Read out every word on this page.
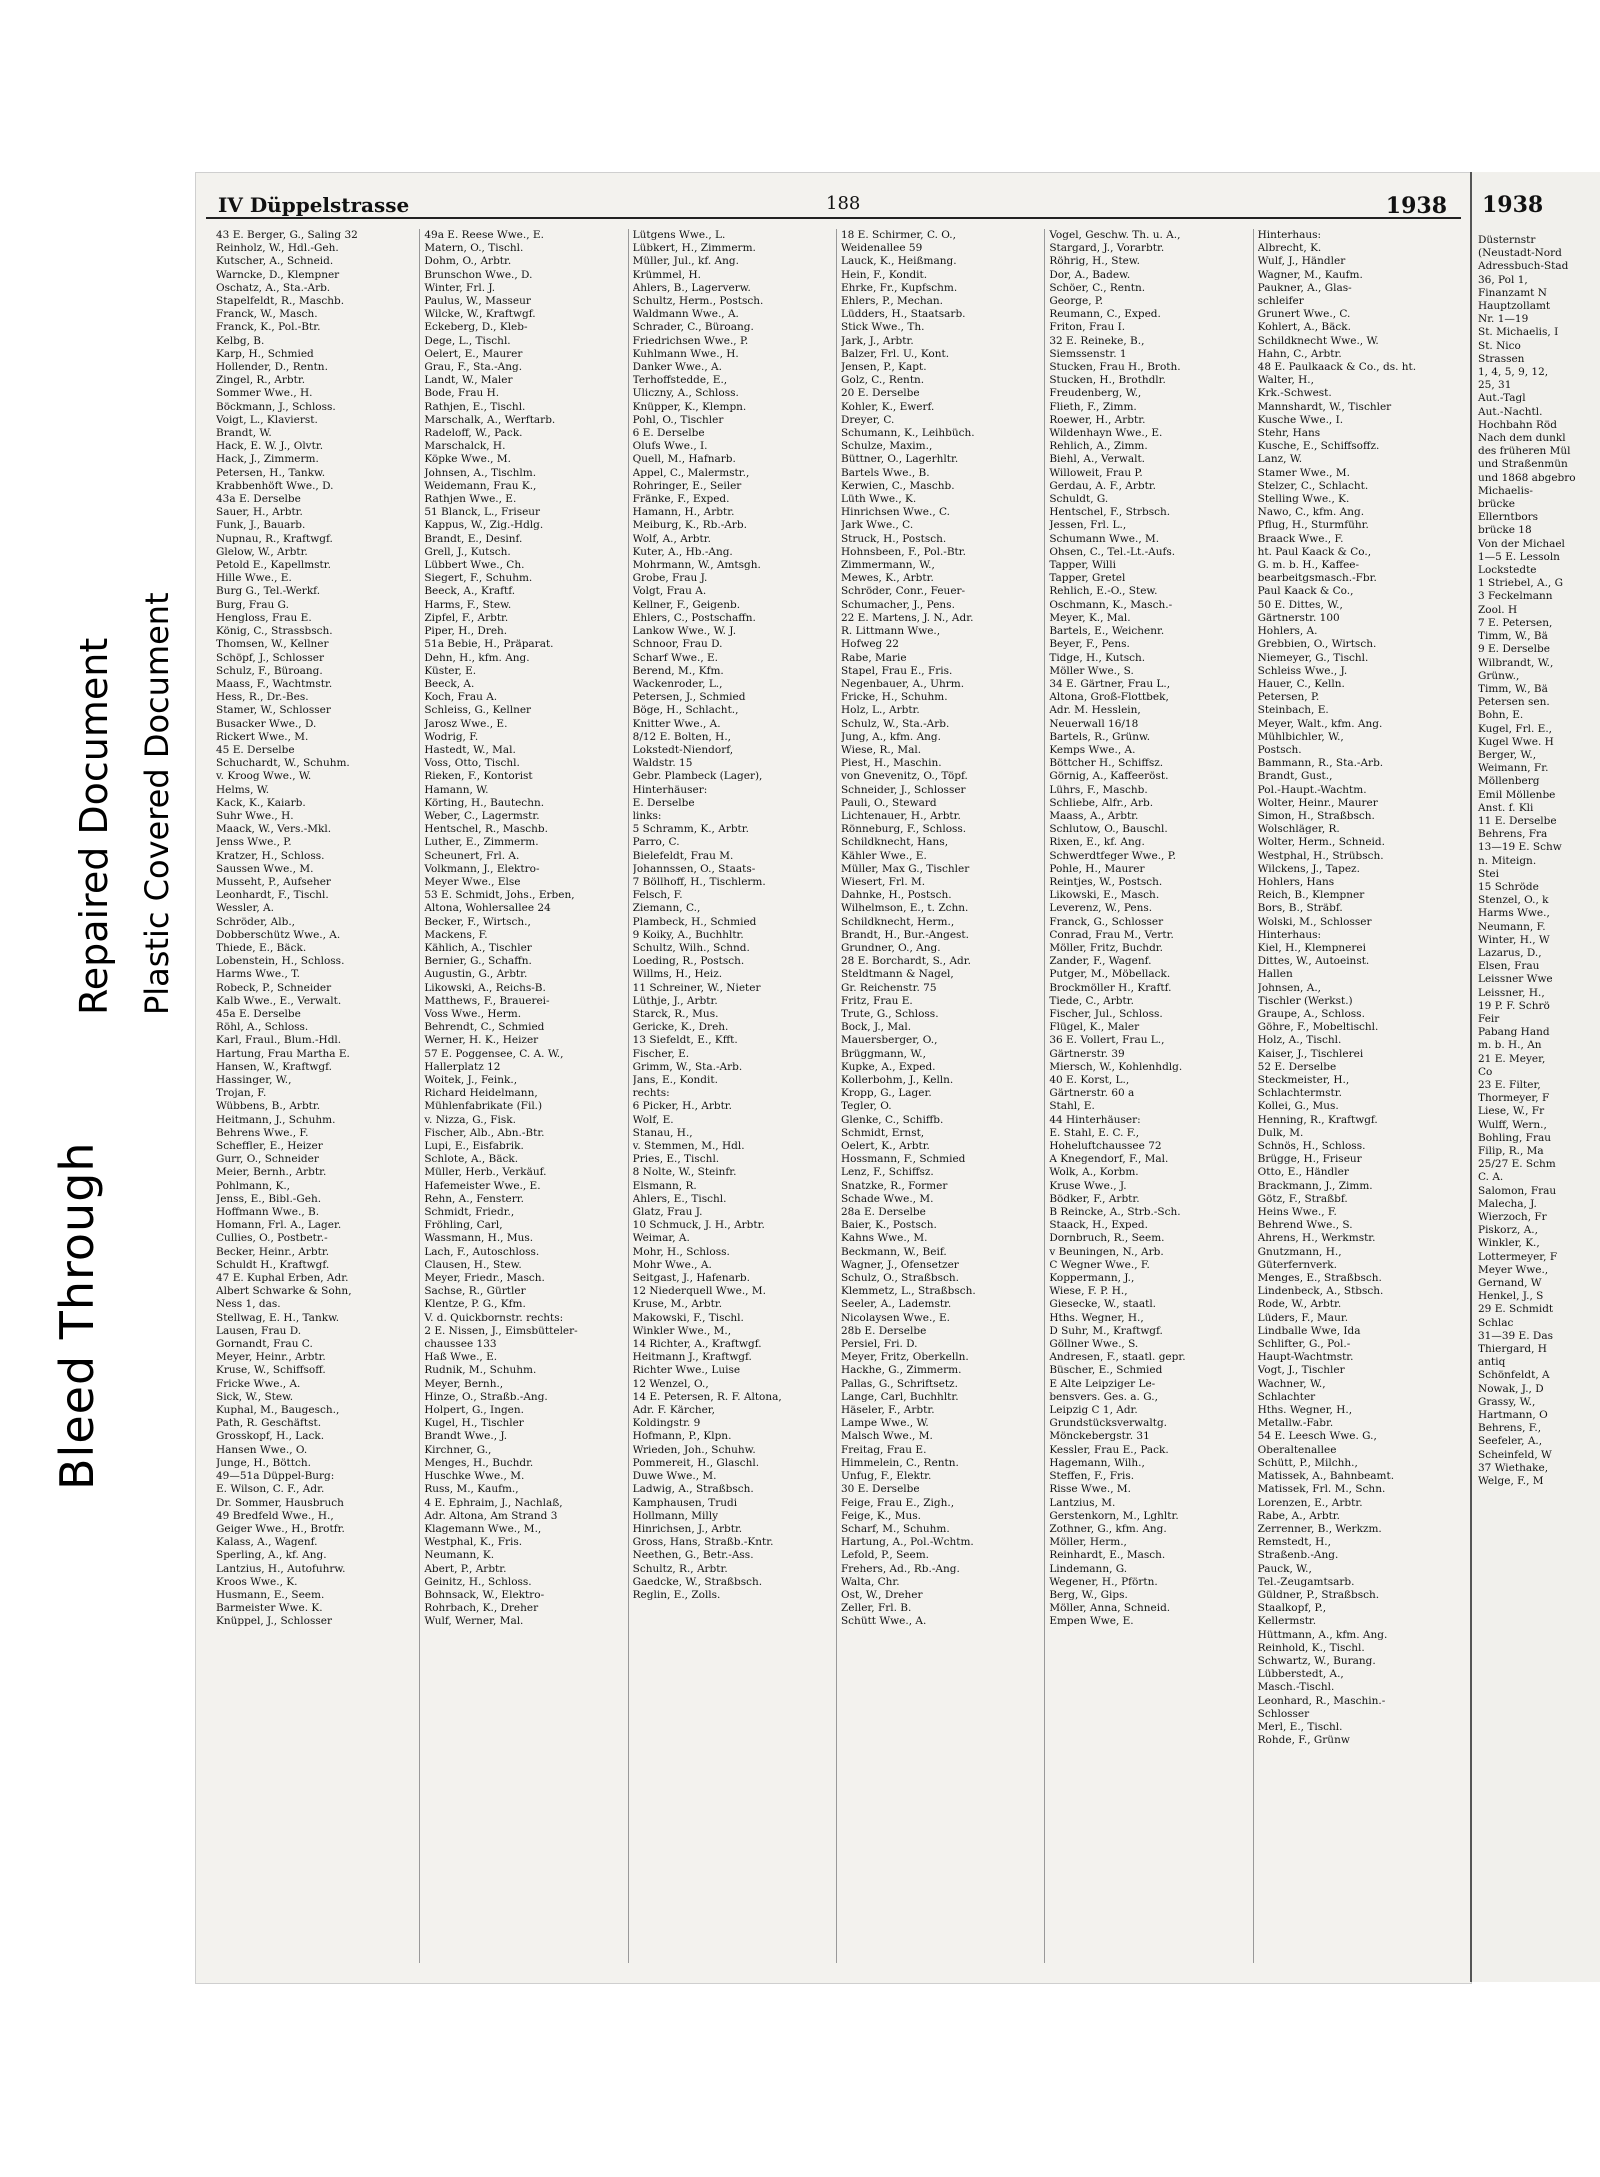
Bleed Through
Repaired Document Plastic Covered Document
IV Düppelstrasse	188	1938
43 E. Berger, G., Saling 32
Reinholz, W., Hdl.-Geh.
Kutscher, A., Schneid.
Warncke, D., Klempner
Oschatz, A., Sta.-Arb.
Stapelfeldt, R., Maschb.
Franck, W., Masch.
Franck, K., Pol.-Btr.
Kelbg, B.
Karp, H., Schmied
Hollender, D., Rentn.
Zingel, R., Arbtr.
Sommer Wwe., H.
Böckmann, J., Schloss.
Voigt, L., Klavierst.
Brandt, W.
Hack, E. W. J., Olvtr.
Hack, J., Zimmerm.
Petersen, H., Tankw.
Krabbenhöft Wwe., D.
43a E. Derselbe
Sauer, H., Arbtr.
Funk, J., Bauarb.
Nupnau, R., Kraftwgf.
Glelow, W., Arbtr.
Petold E., Kapellmstr.
Hille Wwe., E.
Burg G., Tel.-Werkf.
Burg, Frau G.
Hengloss, Frau E.
König, C., Strassbsch.
Thomsen, W., Kellner
Schöpf, J., Schlosser
Schulz, F., Büroang.
Maass, F., Wachtmstr.
Hess, R., Dr.-Bes.
Stamer, W., Schlosser
Busacker Wwe., D.
Rickert Wwe., M.
45 E. Derselbe
Schuchardt, W., Schuhm.
v. Kroog Wwe., W.
Helms, W.
Kack, K., Kaiarb.
Suhr Wwe., H.
Maack, W., Vers.-Mkl.
Jenss Wwe., P.
Kratzer, H., Schloss.
Saussen Wwe., M.
Musseht, P., Aufseher
Leonhardt, F., Tischl.
Wessler, A.
Schröder, Alb.,
Dobberschütz Wwe., A.
Thiede, E., Bäck.
Lobenstein, H., Schloss.
Harms Wwe., T.
Robeck, P., Schneider
Kalb Wwe., E., Verwalt.
45a E. Derselbe
Röhl, A., Schloss.
Karl, Fraul., Blum.-Hdl.
Hartung, Frau Martha E.
Hansen, W., Kraftwgf.
Hassinger, W.,
Trojan, F.
Wübbens, B., Arbtr.
Heitmann, J., Schuhm.
Behrens Wwe., F.
Scheffler, E., Heizer
Gurr, O., Schneider
Meier, Bernh., Arbtr.
Pohlmann, K.,
Jenss, E., Bibl.-Geh.
Hoffmann Wwe., B.
Homann, Frl. A., Lager.
Cullies, O., Postbetr.-
Becker, Heinr., Arbtr.
Schuldt H., Kraftwgf.
47 E. Kuphal Erben, Adr.
Albert Schwarke & Sohn,
Ness 1, das.
Stellwag, E. H., Tankw.
Lausen, Frau D.
Gornandt, Frau C.
Meyer, Heinr., Arbtr.
Kruse, W., Schiffsoff.
Fricke Wwe., A.
Sick, W., Stew.
Kuphal, M., Baugesch.,
Path, R. Geschäftst.
Grosskopf, H., Lack.
Hansen Wwe., O.
Junge, H., Böttch.
49—51a Düppel-Burg:
E. Wilson, C. F., Adr.
Dr. Sommer, Hausbruch
49 Bredfeld Wwe., H.,
Geiger Wwe., H., Brotfr.
Kalass, A., Wagenf.
Sperling, A., kf. Ang.
Lantzius, H., Autofuhrw.
Kroos Wwe., K.
Husmann, E., Seem.
Barmeister Wwe. K.
Knüppel, J., Schlosser
49a E. Reese Wwe., E.
Matern, O., Tischl.
Dohm, O., Arbtr.
Brunschon Wwe., D.
Winter, Frl. J.
Paulus, W., Masseur
Wilcke, W., Kraftwgf.
Eckeberg, D., Kleb-
Dege, L., Tischl.
Oelert, E., Maurer
Grau, F., Sta.-Ang.
Landt, W., Maler
Bode, Frau H.
Rathjen, E., Tischl.
Marschalk, A., Werftarb.
Radeloff, W., Pack.
Marschalck, H.
Köpke Wwe., M.
Johnsen, A., Tischlm.
Weidemann, Frau K.,
Rathjen Wwe., E.
51 Blanck, L., Friseur
Kappus, W., Zig.-Hdlg.
Brandt, E., Desinf.
Grell, J., Kutsch.
Lübbert Wwe., Ch.
Siegert, F., Schuhm.
Beeck, A., Kraftf.
Harms, F., Stew.
Zipfel, F., Arbtr.
Piper, H., Dreh.
51a Bebie, H., Präparat.
Dehn, H., kfm. Ang.
Küster, E.
Beeck, A.
Koch, Frau A.
Schleiss, G., Kellner
Jarosz Wwe., E.
Wodrig, F.
Hastedt, W., Mal.
Voss, Otto, Tischl.
Rieken, F., Kontorist
Hamann, W.
Körting, H., Bautechn.
Weber, C., Lagermstr.
Hentschel, R., Maschb.
Luther, E., Zimmerm.
Scheunert, Frl. A.
Volkmann, J., Elektro-
Meyer Wwe., Else
53 E. Schmidt, Johs., Erben,
Altona, Wohlersallee 24
Becker, F., Wirtsch.,
Mackens, F.
Kählich, A., Tischler
Bernier, G., Schaffn.
Augustin, G., Arbtr.
Likowski, A., Reichs-B.
Matthews, F., Brauerei-
Voss Wwe., Herm.
Behrendt, C., Schmied
Werner, H. K., Heizer
57 E. Poggensee, C. A. W.,
Hallerplatz 12
Woitek, J., Feink.,
Richard Heidelmann,
Mühlenfabrikate (Fil.)
v. Nizza, G., Fisk.
Fischer, Alb., Abn.-Btr.
Lupi, E., Eisfabrik.
Schlote, A., Bäck.
Müller, Herb., Verkäuf.
Hafemeister Wwe., E.
Rehn, A., Fensterr.
Schmidt, Friedr.,
Fröhling, Carl,
Wassmann, H., Mus.
Lach, F., Autoschloss.
Clausen, H., Stew.
Meyer, Friedr., Masch.
Sachse, R., Gürtler
Klentze, P. G., Kfm.
V. d. Quickbornstr. rechts:
2 E. Nissen, J., Eimsbütteler-
chaussee 133
Haß Wwe., E.
Rudnik, M., Schuhm.
Meyer, Bernh.,
Hinze, O., Straßb.-Ang.
Holpert, G., Ingen.
Kugel, H., Tischler
Brandt Wwe., J.
Kirchner, G.,
Menges, H., Buchdr.
Huschke Wwe., M.
Russ, M., Kaufm.,
4 E. Ephraim, J., Nachlaß,
Adr. Altona, Am Strand 3
Klagemann Wwe., M.,
Westphal, K., Fris.
Neumann, K.
Abert, P., Arbtr.
Geinitz, H., Schloss.
Bohnsack, W., Elektro-
Rohrbach, K., Dreher
Wulf, Werner, Mal.
Lütgens Wwe., L.
Lübkert, H., Zimmerm.
Müller, Jul., kf. Ang.
Krümmel, H.
Ahlers, B., Lagerverw.
Schultz, Herm., Postsch.
Waldmann Wwe., A.
Schrader, C., Büroang.
Friedrichsen Wwe., P.
Kuhlmann Wwe., H.
Danker Wwe., A.
Terhoffstedde, E.,
Uliczny, A., Schloss.
Knüpper, K., Klempn.
Pohl, O., Tischler
6 E. Derselbe
Olufs Wwe., I.
Quell, M., Hafnarb.
Appel, C., Malermstr.,
Rohringer, E., Seiler
Fränke, F., Exped.
Hamann, H., Arbtr.
Meiburg, K., Rb.-Arb.
Wolf, A., Arbtr.
Kuter, A., Hb.-Ang.
Mohrmann, W., Amtsgh.
Grobe, Frau J.
Volgt, Frau A.
Kellner, F., Geigenb.
Ehlers, C., Postschaffn.
Lankow Wwe., W. J.
Schnoor, Frau D.
Scharf Wwe., E.
Berend, M., Kfm.
Wackenroder, L.,
Petersen, J., Schmied
Böge, H., Schlacht.,
Knitter Wwe., A.
8/12 E. Bolten, H.,
Lokstedt-Niendorf,
Waldstr. 15
Gebr. Plambeck (Lager),
Hinterhäuser:
E. Derselbe
links:
5 Schramm, K., Arbtr.
Parro, C.
Bielefeldt, Frau M.
Johannssen, O., Staats-
7 Böllhoff, H., Tischlerm.
Felsch, F.
Ziemann, C.,
Plambeck, H., Schmied
9 Koiky, A., Buchhltr.
Schultz, Wilh., Schnd.
Loeding, R., Postsch.
Willms, H., Heiz.
11 Schreiner, W., Nieter
Lüthje, J., Arbtr.
Starck, R., Mus.
Gericke, K., Dreh.
13 Siefeldt, E., Kfft.
Fischer, E.
Grimm, W., Sta.-Arb.
Jans, E., Kondit.
rechts:
6 Picker, H., Arbtr.
Wolf, E.
Stanau, H.,
v. Stemmen, M., Hdl.
Pries, E., Tischl.
8 Nolte, W., Steinfr.
Elsmann, R.
Ahlers, E., Tischl.
Glatz, Frau J.
10 Schmuck, J. H., Arbtr.
Weimar, A.
Mohr, H., Schloss.
Mohr Wwe., A.
Seitgast, J., Hafenarb.
12 Niederquell Wwe., M.
Kruse, M., Arbtr.
Makowski, F., Tischl.
Winkler Wwe., M.,
14 Richter, A., Kraftwgf.
Heitmann J., Kraftwgf.
Richter Wwe., Luise
12 Wenzel, O.,
14 E. Petersen, R. F. Altona,
Adr. F. Kärcher,
Koldingstr. 9
Hofmann, P., Klpn.
Wrieden, Joh., Schuhw.
Pommereit, H., Glaschl.
Duwe Wwe., M.
Ladwig, A., Straßbsch.
Kamphausen, Trudi
Hollmann, Milly
Hinrichsen, J., Arbtr.
Gross, Hans, Straßb.-Kntr.
Neethen, G., Betr.-Ass.
Schultz, R., Arbtr.
Gaedcke, W., Straßbsch.
Reglin, E., Zolls.
18 E. Schirmer, C. O.,
Weidenallee 59
Lauck, K., Heißmang.
Hein, F., Kondit.
Ehrke, Fr., Kupfschm.
Ehlers, P., Mechan.
Lüdders, H., Staatsarb.
Stick Wwe., Th.
Jark, J., Arbtr.
Balzer, Frl. U., Kont.
Jensen, P., Kapt.
Golz, C., Rentn.
20 E. Derselbe
Kohler, K., Ewerf.
Dreyer, C.
Schumann, K., Leihbüch.
Schulze, Maxim.,
Büttner, O., Lagerhltr.
Bartels Wwe., B.
Kerwien, C., Maschb.
Lüth Wwe., K.
Hinrichsen Wwe., C.
Jark Wwe., C.
Struck, H., Postsch.
Hohnsbeen, F., Pol.-Btr.
Zimmermann, W.,
Mewes, K., Arbtr.
Schröder, Conr., Feuer-
Schumacher, J., Pens.
22 E. Martens, J. N., Adr.
R. Littmann Wwe.,
Hofweg 22
Rabe, Marie
Stapel, Frau E., Fris.
Negenbauer, A., Uhrm.
Fricke, H., Schuhm.
Holz, L., Arbtr.
Schulz, W., Sta.-Arb.
Jung, A., kfm. Ang.
Wiese, R., Mal.
Piest, H., Maschin.
von Gnevenitz, O., Töpf.
Schneider, J., Schlosser
Pauli, O., Steward
Lichtenauer, H., Arbtr.
Rönneburg, F., Schloss.
Schildknecht, Hans,
Kähler Wwe., E.
Müller, Max G., Tischler
Wiesert, Frl. M.
Dahnke, H., Postsch.
Wilhelmson, E., t. Zchn.
Schildknecht, Herm.,
Brandt, H., Bur.-Angest.
Grundner, O., Ang.
28 E. Borchardt, S., Adr.
Steldtmann & Nagel,
Gr. Reichenstr. 75
Fritz, Frau E.
Trute, G., Schloss.
Bock, J., Mal.
Mauersberger, O.,
Brüggmann, W.,
Kupke, A., Exped.
Kollerbohm, J., Kelln.
Kropp, G., Lager.
Tegler, O.
Glenke, C., Schiffb.
Schmidt, Ernst,
Oelert, K., Arbtr.
Hossmann, F., Schmied
Lenz, F., Schiffsz.
Snatzke, R., Former
Schade Wwe., M.
28a E. Derselbe
Baier, K., Postsch.
Kahns Wwe., M.
Beckmann, W., Beif.
Wagner, J., Ofensetzer
Schulz, O., Straßbsch.
Klemmetz, L., Straßbsch.
Seeler, A., Lademstr.
Nicolaysen Wwe., E.
28b E. Derselbe
Persiel, Fri. D.
Meyer, Fritz, Oberkelln.
Hackhe, G., Zimmerm.
Pallas, G., Schriftsetz.
Lange, Carl, Buchhltr.
Häseler, F., Arbtr.
Lampe Wwe., W.
Malsch Wwe., M.
Freitag, Frau E.
Himmelein, C., Rentn.
Unfug, F., Elektr.
30 E. Derselbe
Feige, Frau E., Zigh.,
Feige, K., Mus.
Scharf, M., Schuhm.
Hartung, A., Pol.-Wchtm.
Lefold, P., Seem.
Frehers, Ad., Rb.-Ang.
Walta, Chr.
Ost, W., Dreher
Zeller, Frl. B.
Schütt Wwe., A.
Vogel, Geschw. Th. u. A.,
Stargard, J., Vorarbtr.
Röhrig, H., Stew.
Dor, A., Badew.
Schöer, C., Rentn.
George, P.
Reumann, C., Exped.
Friton, Frau I.
32 E. Reineke, B.,
Siemssenstr. 1
Stucken, Frau H., Broth.
Stucken, H., Brothdlr.
Freudenberg, W.,
Flieth, F., Zimm.
Roewer, H., Arbtr.
Wildenhayn Wwe., E.
Rehlich, A., Zimm.
Biehl, A., Verwalt.
Willoweit, Frau P.
Gerdau, A. F., Arbtr.
Schuldt, G.
Hentschel, F., Strbsch.
Jessen, Frl. L.,
Schumann Wwe., M.
Ohsen, C., Tel.-Lt.-Aufs.
Tapper, Willi
Tapper, Gretel
Rehlich, E.-O., Stew.
Oschmann, K., Masch.-
Meyer, K., Mal.
Bartels, E., Weichenr.
Beyer, F., Pens.
Tidge, H., Kutsch.
Möller Wwe., S.
34 E. Gärtner, Frau L.,
Altona, Groß-Flottbek,
Adr. M. Hesslein,
Neuerwall 16/18
Bartels, R., Grünw.
Kemps Wwe., A.
Böttcher H., Schiffsz.
Görnig, A., Kaffeeröst.
Lührs, F., Maschb.
Schliebe, Alfr., Arb.
Maass, A., Arbtr.
Schlutow, O., Bauschl.
Rixen, E., kf. Ang.
Schwerdtfeger Wwe., P.
Pohle, H., Maurer
Reintjes, W., Postsch.
Likowski, E., Masch.
Leverenz, W., Pens.
Franck, G., Schlosser
Conrad, Frau M., Vertr.
Möller, Fritz, Buchdr.
Zander, F., Wagenf.
Putger, M., Möbellack.
Brockmöller H., Kraftf.
Tiede, C., Arbtr.
Fischer, Jul., Schloss.
Flügel, K., Maler
36 E. Vollert, Frau L.,
Gärtnerstr. 39
Miersch, W., Kohlenhdlg.
40 E. Korst, L.,
Gärtnerstr. 60 a
Stahl, E.
44 Hinterhäuser:
E. Stahl, E. C. F.,
Hoheluftchaussee 72
A Knegendorf, F., Mal.
Wolk, A., Korbm.
Kruse Wwe., J.
Bödker, F., Arbtr.
B Reincke, A., Strb.-Sch.
Staack, H., Exped.
Dornbruch, R., Seem.
v Beuningen, N., Arb.
C Wegner Wwe., F.
Koppermann, J.,
Wiese, F. P. H.,
Giesecke, W., staatl.
Hths. Wegner, H.,
D Suhr, M., Kraftwgf.
Göllner Wwe., S.
Andresen, F., staatl. gepr.
Büscher, E., Schmied
E Alte Leipziger Le-
bensvers. Ges. a. G.,
Leipzig C 1, Adr.
Grundstücksverwaltg.
Mönckebergstr. 31
Kessler, Frau E., Pack.
Hagemann, Wilh.,
Steffen, F., Fris.
Risse Wwe., M.
Lantzius, M.
Gerstenkorn, M., Lghltr.
Zothner, G., kfm. Ang.
Möller, Herm.,
Reinhardt, E., Masch.
Lindemann, G.
Wegener, H., Pförtn.
Berg, W., Gips.
Möller, Anna, Schneid.
Empen Wwe, E.
Hinterhaus:
Albrecht, K.
Wulf, J., Händler
Wagner, M., Kaufm.
Paukner, A., Glas-
schleifer
Grunert Wwe., C.
Kohlert, A., Bäck.
Schildknecht Wwe., W.
Hahn, C., Arbtr.
48 E. Paulkaack & Co., ds. ht.
Walter, H.,
Krk.-Schwest.
Mannshardt, W., Tischler
Kusche Wwe., I.
Stehr, Hans
Kusche, E., Schiffsoffz.
Lanz, W.
Stamer Wwe., M.
Stelzer, C., Schlacht.
Stelling Wwe., K.
Nawo, C., kfm. Ang.
Pflug, H., Sturmführ.
Braack Wwe., F.
ht. Paul Kaack & Co.,
G. m. b. H., Kaffee-
bearbeitgsmasch.-Fbr.
Paul Kaack & Co.,
50 E. Dittes, W.,
Gärtnerstr. 100
Hohlers, A.
Grebbien, O., Wirtsch.
Niemeyer, G., Tischl.
Schleiss Wwe., J.
Hauer, C., Kelln.
Petersen, P.
Steinbach, E.
Meyer, Walt., kfm. Ang.
Mühlbichler, W.,
Postsch.
Bammann, R., Sta.-Arb.
Brandt, Gust.,
Pol.-Haupt.-Wachtm.
Wolter, Heinr., Maurer
Simon, H., Straßbsch.
Wolschläger, R.
Wolter, Herm., Schneid.
Westphal, H., Strübsch.
Wilckens, J., Tapez.
Hohlers, Hans
Reich, B., Klempner
Bors, B., Sträbf.
Wolski, M., Schlosser
Hinterhaus:
Kiel, H., Klempnerei
Dittes, W., Autoeinst.
Hallen
Johnsen, A.,
Tischler (Werkst.)
Graupe, A., Schloss.
Göhre, F., Mobeltischl.
Holz, A., Tischl.
Kaiser, J., Tischlerei
52 E. Derselbe
Steckmeister, H.,
Schlachtermstr.
Kollei, G., Mus.
Henning, R., Kraftwgf.
Dulk, M.
Schnös, H., Schloss.
Brügge, H., Friseur
Otto, E., Händler
Brackmann, J., Zimm.
Götz, F., Straßbf.
Heins Wwe., F.
Behrend Wwe., S.
Ahrens, H., Werkmstr.
Gnutzmann, H.,
Güterfernverk.
Menges, E., Straßbsch.
Lindenbeck, A., Stbsch.
Rode, W., Arbtr.
Lüders, F., Maur.
Lindballe Wwe, Ida
Schlifter, G., Pol.-
Haupt-Wachtmstr.
Vogt, J., Tischler
Wachner, W.,
Schlachter
Hths. Wegner, H.,
Metallw.-Fabr.
54 E. Leesch Wwe. G.,
Oberaltenallee
Schütt, P., Milchh.,
Matissek, A., Bahnbeamt.
Matissek, Frl. M., Schn.
Lorenzen, E., Arbtr.
Rabe, A., Arbtr.
Zerrenner, B., Werkzm.
Remstedt, H.,
Straßenb.-Ang.
Pauck, W.,
Tel.-Zeugamtsarb.
Güldner, P., Straßbsch.
Staalkopf, P.,
Kellermstr.
Hüttmann, A., kfm. Ang.
Reinhold, K., Tischl.
Schwartz, W., Burang.
Lübberstedt, A.,
Masch.-Tischl.
Leonhard, R., Maschin.-
Schlosser
Merl, E., Tischl.
Rohde, F., Grünw
1938
Düsternstr
(Neustadt-Nord
Adressbuch-Stad
36, Pol 1,
Finanzamt N
Hauptzollamt
Nr. 1—19
St. Michaelis, I
St. Nico
Strassen
1, 4, 5, 9, 12,
25, 31
Aut.-Tagl
Aut.-Nachtl.
Hochbahn Röd
Nach dem dunkl
des früheren Mül
und Straßenmün
und 1868 abgebro
Michaelis-
brücke
Ellerntbors
brücke 18
Von der Michael
1—5 E. Lessoln
Lockstedte
1 Striebel, A., G
3 Feckelmann
Zool. H
7 E. Petersen,
Timm, W., Bä
9 E. Derselbe
Wilbrandt, W.,
Grünw.,
Timm, W., Bä
Petersen sen.
Bohn, E.
Kugel, Frl. E.,
Kugel Wwe. H
Berger, W.,
Weimann, Fr.
Möllenberg
Emil Möllenbe
Anst. f. Kli
11 E. Derselbe
Behrens, Fra
13—19 E. Schw
n. Miteign.
Stei
15 Schröde
Stenzel, O., k
Harms Wwe.,
Neumann, F.
Winter, H., W
Lazarus, D.,
Elsen, Frau
Leissner Wwe
Leissner, H.,
19 P. F. Schrö
Feir
Pabang Hand
m. b. H., An
21 E. Meyer,
Co
23 E. Filter,
Thormeyer, F
Liese, W., Fr
Wulff, Wern.,
Bohling, Frau
Filip, R., Ma
25/27 E. Schm
C. A.
Salomon, Frau
Malecha, J.
Wierzoch, Fr
Piskorz, A.,
Winkler, K.,
Lottermeyer, F
Meyer Wwe.,
Gernand, W
Henkel, J., S
29 E. Schmidt
Schlac
31—39 E. Das
Thiergard, H
antiq
Schönfeldt, A
Nowak, J., D
Grassy, W.,
Hartmann, O
Behrens, F.,
Seefeler, A.,
Scheinfeld, W
37 Wiethake,
Welge, F., M
